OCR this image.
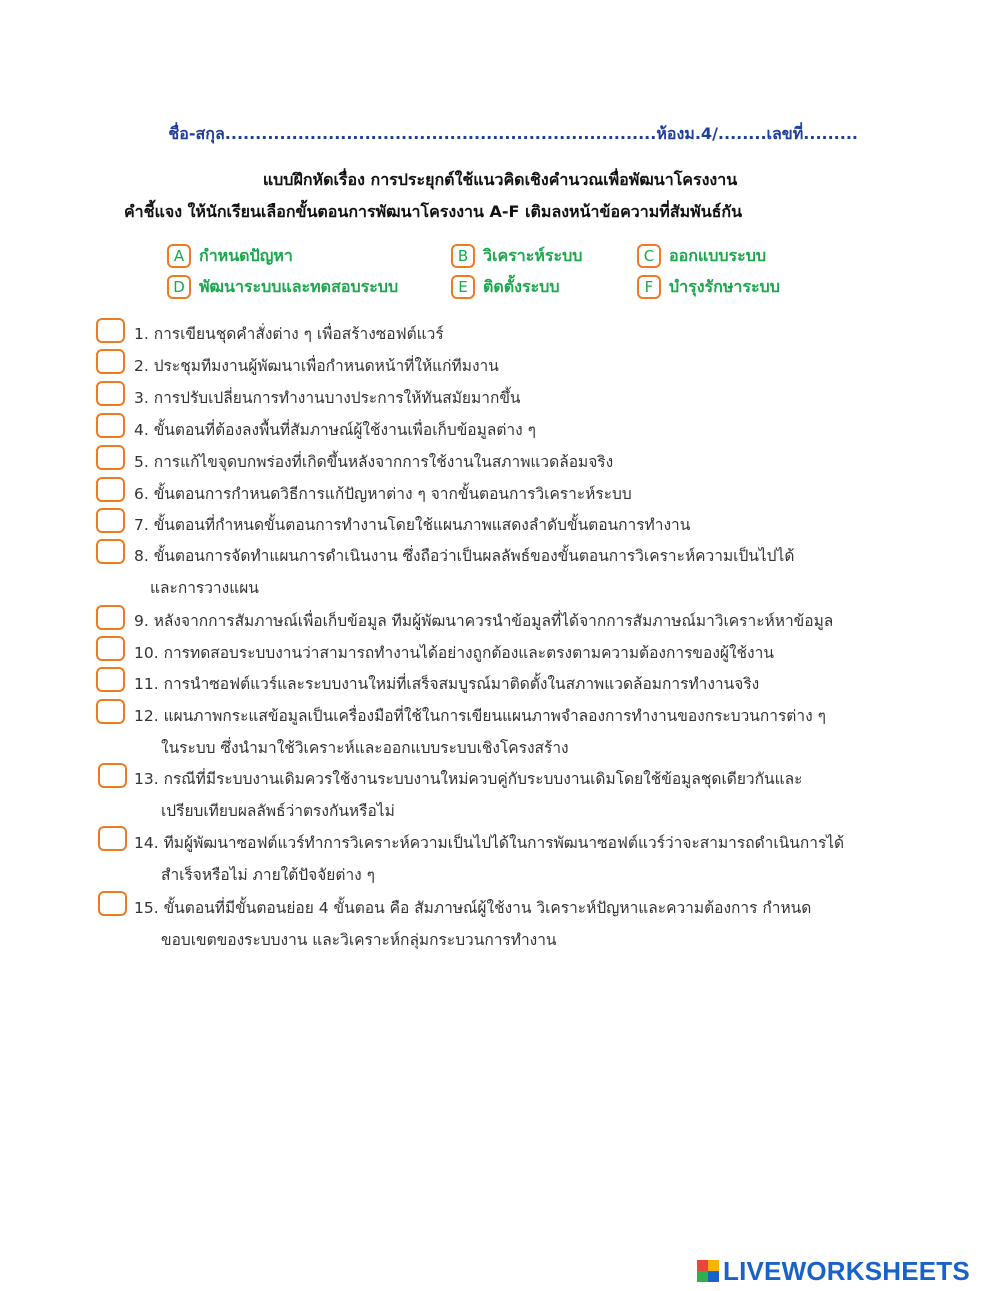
ชื่อ-สกุล.......................................................................ห้องม.4/........เลขที่.........
แบบฝึกหัดเรื่อง การประยุกต์ใช้แนวคิดเชิงคำนวณเพื่อพัฒนาโครงงาน
คำชี้แจง ให้นักเรียนเลือกขั้นตอนการพัฒนาโครงงาน A-F เติมลงหน้าข้อความที่สัมพันธ์กัน
A กำหนดปัญหา	B วิเคราะห์ระบบ	C ออกแบบระบบ
D พัฒนาระบบและทดสอบระบบ	E ติดตั้งระบบ	F บำรุงรักษาระบบ
1. การเขียนชุดคำสั่งต่าง ๆ เพื่อสร้างซอฟต์แวร์
2. ประชุมทีมงานผู้พัฒนาเพื่อกำหนดหน้าที่ให้แก่ทีมงาน
3. การปรับเปลี่ยนการทำงานบางประการให้ทันสมัยมากขึ้น
4. ขั้นตอนที่ต้องลงพื้นที่สัมภาษณ์ผู้ใช้งานเพื่อเก็บข้อมูลต่าง ๆ
5. การแก้ไขจุดบกพร่องที่เกิดขึ้นหลังจากการใช้งานในสภาพแวดล้อมจริง
6. ขั้นตอนการกำหนดวิธีการแก้ปัญหาต่าง ๆ จากขั้นตอนการวิเคราะห์ระบบ
7. ขั้นตอนที่กำหนดขั้นตอนการทำงานโดยใช้แผนภาพแสดงลำดับขั้นตอนการทำงาน
8. ขั้นตอนการจัดทำแผนการดำเนินงาน ซึ่งถือว่าเป็นผลลัพธ์ของขั้นตอนการวิเคราะห์ความเป็นไปได้
และการวางแผน
9. หลังจากการสัมภาษณ์เพื่อเก็บข้อมูล ทีมผู้พัฒนาควรนำข้อมูลที่ได้จากการสัมภาษณ์มาวิเคราะห์หาข้อมูล
10. การทดสอบระบบงานว่าสามารถทำงานได้อย่างถูกต้องและตรงตามความต้องการของผู้ใช้งาน
11. การนำซอฟต์แวร์และระบบงานใหม่ที่เสร็จสมบูรณ์มาติดตั้งในสภาพแวดล้อมการทำงานจริง
12. แผนภาพกระแสข้อมูลเป็นเครื่องมือที่ใช้ในการเขียนแผนภาพจำลองการทำงานของกระบวนการต่าง ๆ
ในระบบ ซึ่งนำมาใช้วิเคราะห์และออกแบบระบบเชิงโครงสร้าง
13. กรณีที่มีระบบงานเดิมควรใช้งานระบบงานใหม่ควบคู่กับระบบงานเดิมโดยใช้ข้อมูลชุดเดียวกันและ
เปรียบเทียบผลลัพธ์ว่าตรงกันหรือไม่
14. ทีมผู้พัฒนาซอฟต์แวร์ทำการวิเคราะห์ความเป็นไปได้ในการพัฒนาซอฟต์แวร์ว่าจะสามารถดำเนินการได้
สำเร็จหรือไม่ ภายใต้ปัจจัยต่าง ๆ
15. ขั้นตอนที่มีขั้นตอนย่อย 4 ขั้นตอน คือ สัมภาษณ์ผู้ใช้งาน วิเคราะห์ปัญหาและความต้องการ กำหนด
ขอบเขตของระบบงาน และวิเคราะห์กลุ่มกระบวนการทำงาน
LIVEWORKSHEETS
